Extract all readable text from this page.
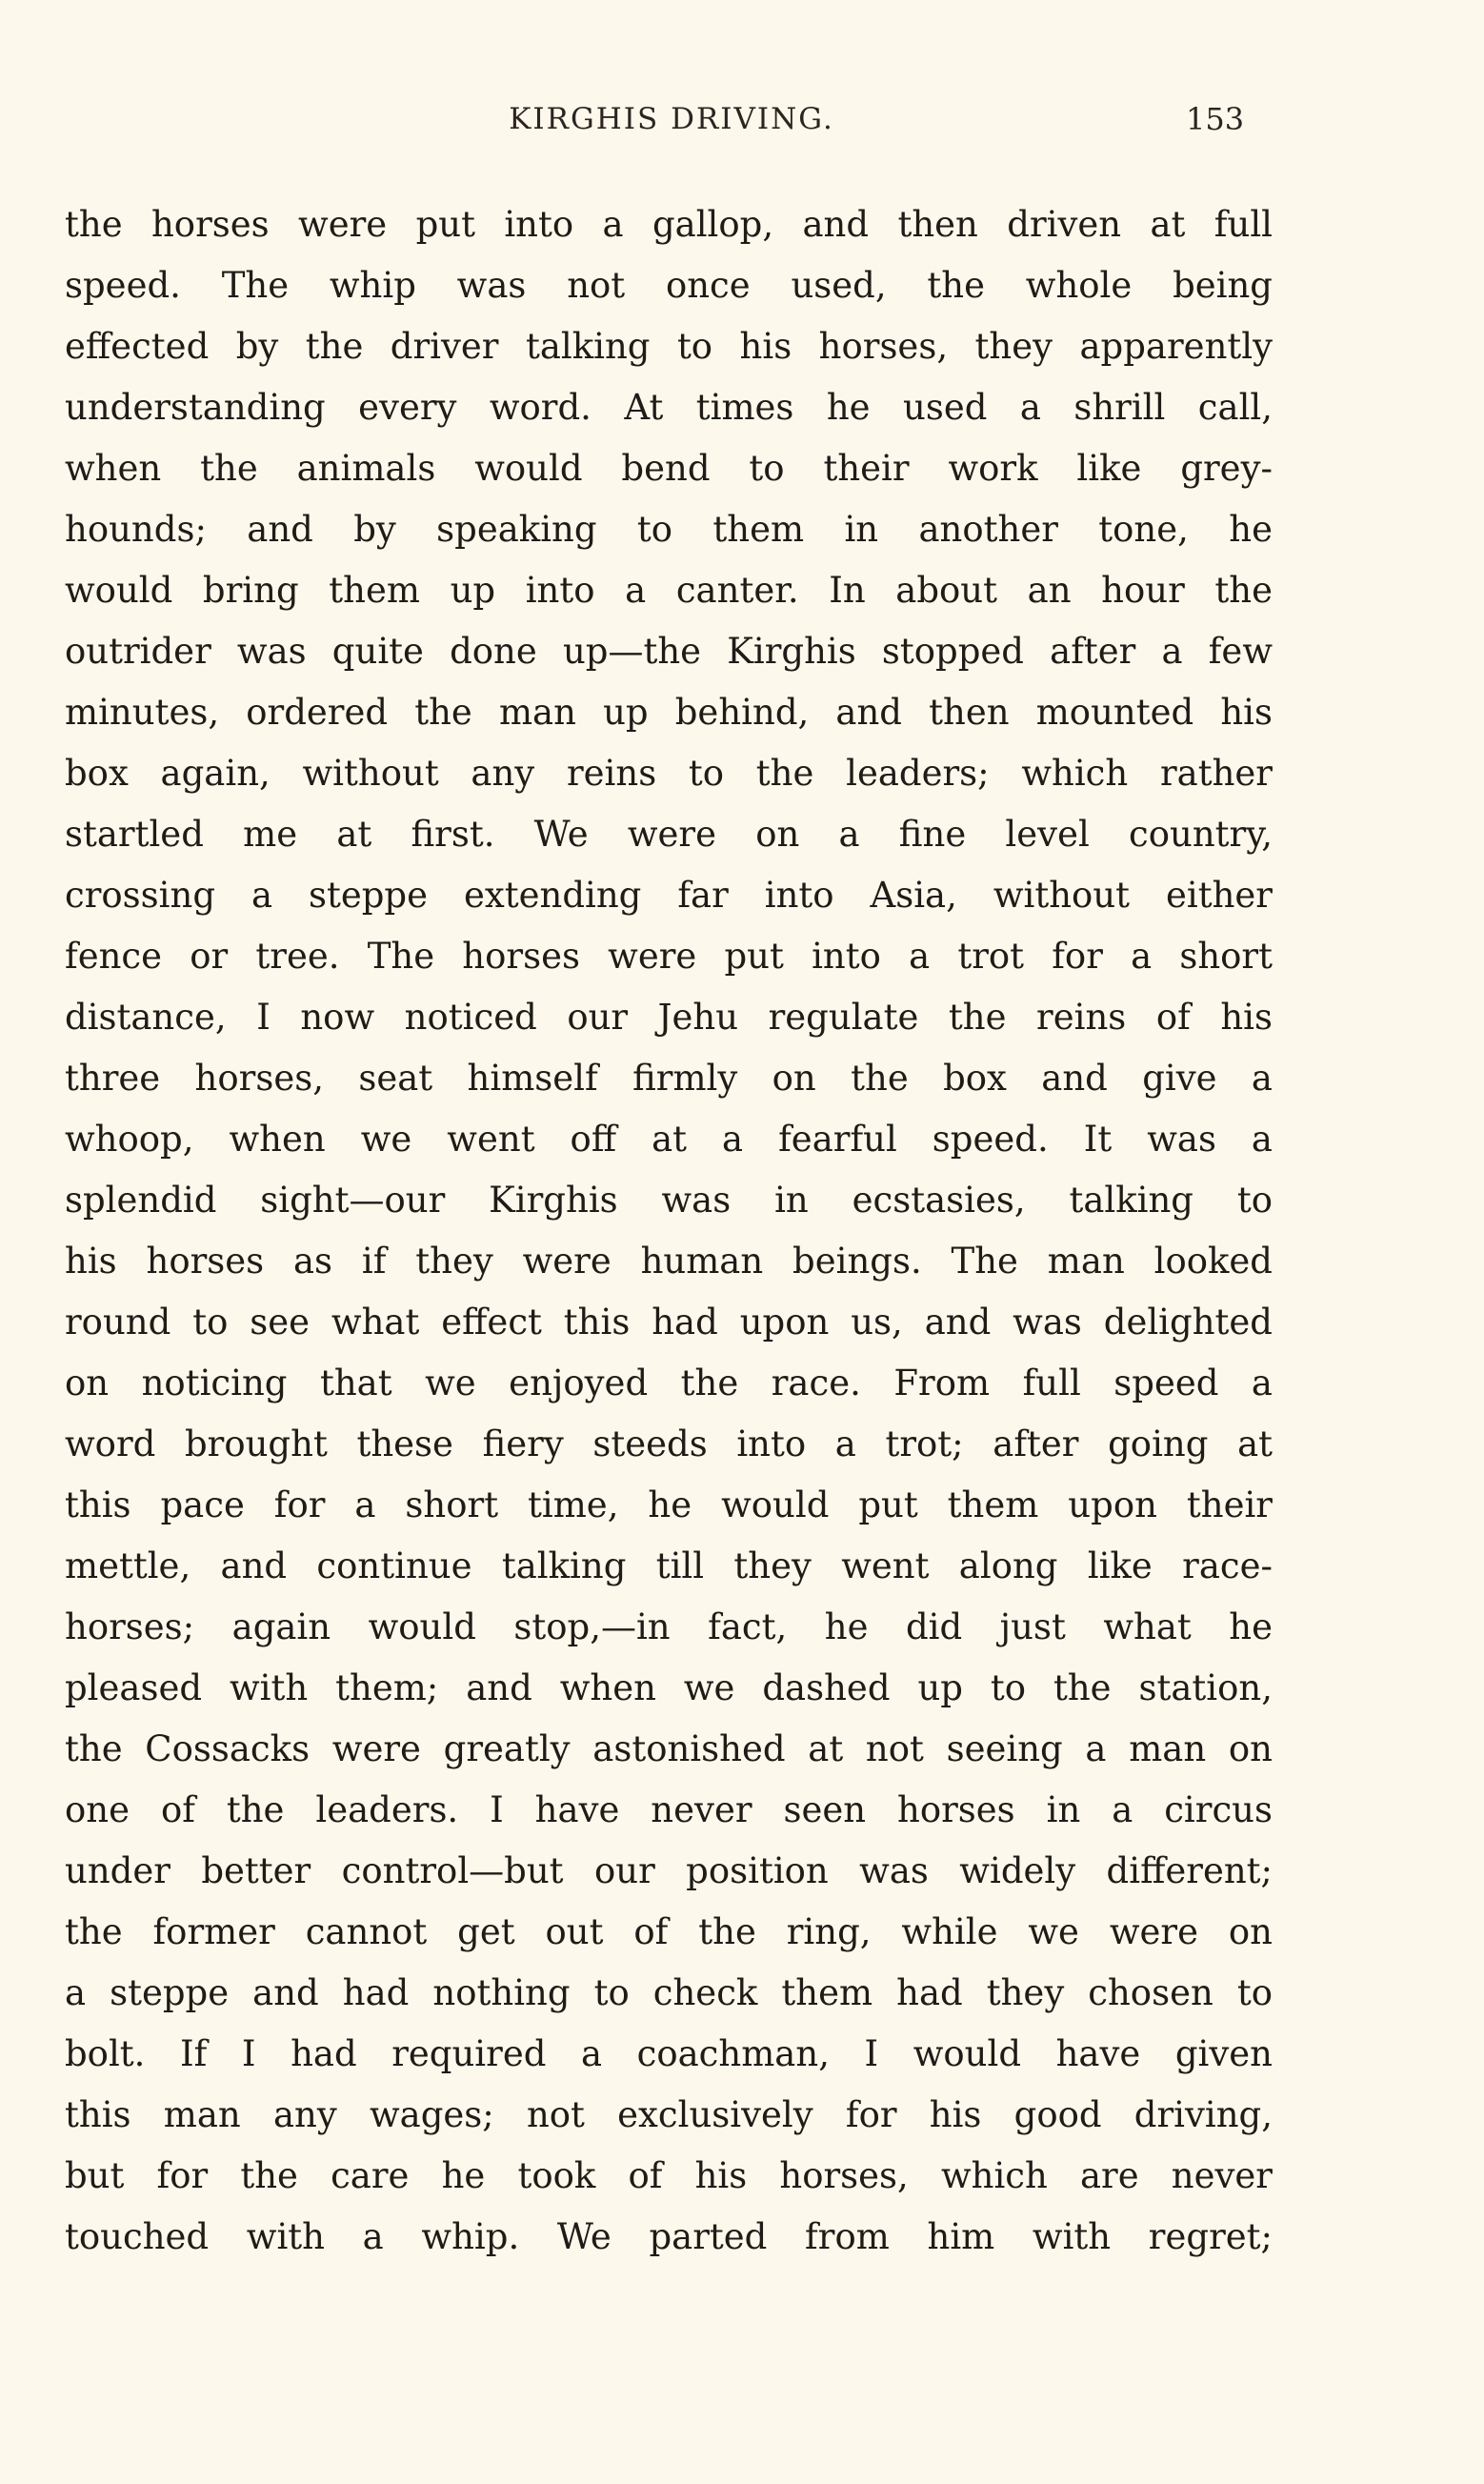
KIRGHIS DRIVING.	153
the horses were put into a gallop, and then driven at full
speed. The whip was not once used, the whole being
effected by the driver talking to his horses, they apparently
understanding every word. At times he used a shrill call,
when the animals would bend to their work like grey-
hounds; and by speaking to them in another tone, he
would bring them up into a canter. In about an hour the
outrider was quite done up—the Kirghis stopped after a few
minutes, ordered the man up behind, and then mounted his
box again, without any reins to the leaders; which rather
startled me at first. We were on a fine level country,
crossing a steppe extending far into Asia, without either
fence or tree. The horses were put into a trot for a short
distance, I now noticed our Jehu regulate the reins of his
three horses, seat himself firmly on the box and give a
whoop, when we went off at a fearful speed. It was a
splendid sight—our Kirghis was in ecstasies, talking to
his horses as if they were human beings. The man looked
round to see what effect this had upon us, and was delighted
on noticing that we enjoyed the race. From full speed a
word brought these fiery steeds into a trot; after going at
this pace for a short time, he would put them upon their
mettle, and continue talking till they went along like race-
horses; again would stop,—in fact, he did just what he
pleased with them; and when we dashed up to the station,
the Cossacks were greatly astonished at not seeing a man on
one of the leaders. I have never seen horses in a circus
under better control—but our position was widely different;
the former cannot get out of the ring, while we were on
a steppe and had nothing to check them had they chosen to
bolt. If I had required a coachman, I would have given
this man any wages; not exclusively for his good driving,
but for the care he took of his horses, which are never
touched with a whip. We parted from him with regret;
